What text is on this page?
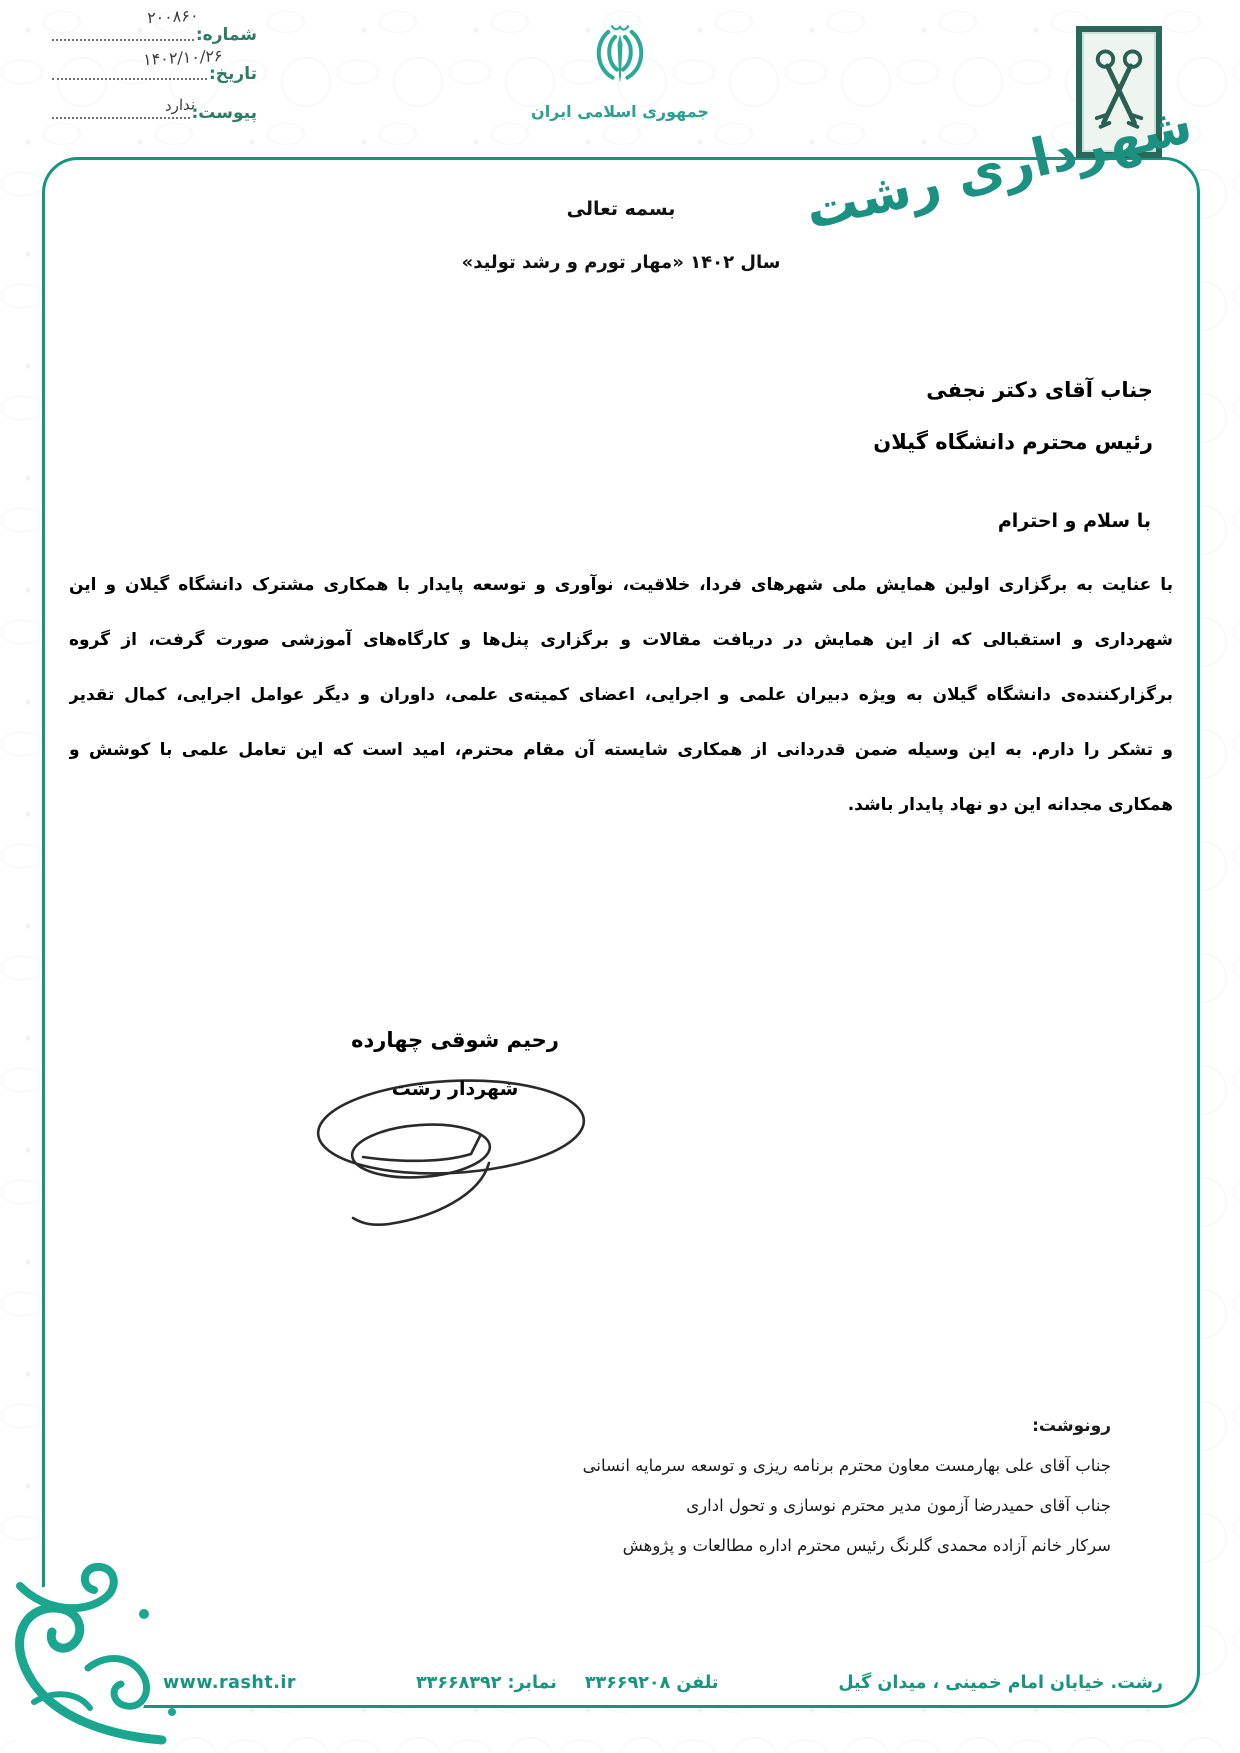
۲۰۰۸۶۰
شماره:
۱۴۰۲/۱۰/۲۶
تاریخ:
ندارد
پیوست:	جمهوری اسلامی ایران	شهرداری رشت
بسمه تعالی
سال ۱۴۰۲ «مهار تورم و رشد تولید»
جناب آقای دکتر نجفی
رئیس محترم دانشگاه گیلان
با سلام و احترام
با عنایت به برگزاری اولین همایش ملی شهرهای فردا، خلاقیت، نوآوری و توسعه پایدار با همکاری مشترک دانشگاه گیلان و این
شهرداری و استقبالی که از این همایش در دریافت مقالات و برگزاری پنل‌ها و کارگاه‌های آموزشی صورت گرفت، از گروه
برگزارکننده‌ی دانشگاه گیلان به ویژه دبیران علمی و اجرایی، اعضای کمیته‌ی علمی، داوران و دیگر عوامل اجرایی، کمال تقدیر
و تشکر را دارم. به این وسیله ضمن قدردانی از همکاری شایسته آن مقام محترم، امید است که این تعامل علمی با کوشش و
همکاری مجدانه این دو نهاد پایدار باشد.
رحیم شوقی چهارده
شهردار رشت
رونوشت:
جناب آقای علی بهارمست معاون محترم برنامه ریزی و توسعه سرمایه انسانی
جناب آقای حمیدرضا آزمون مدیر محترم نوسازی و تحول اداری
سرکار خانم آزاده محمدی گلرنگ رئیس محترم اداره مطالعات و پژوهش
رشت. خیابان امام خمینی ، میدان گیل
تلفن ۳۳۶۶۹۲۰۸
نمابر: ۳۳۶۶۸۳۹۲
www.rasht.ir
